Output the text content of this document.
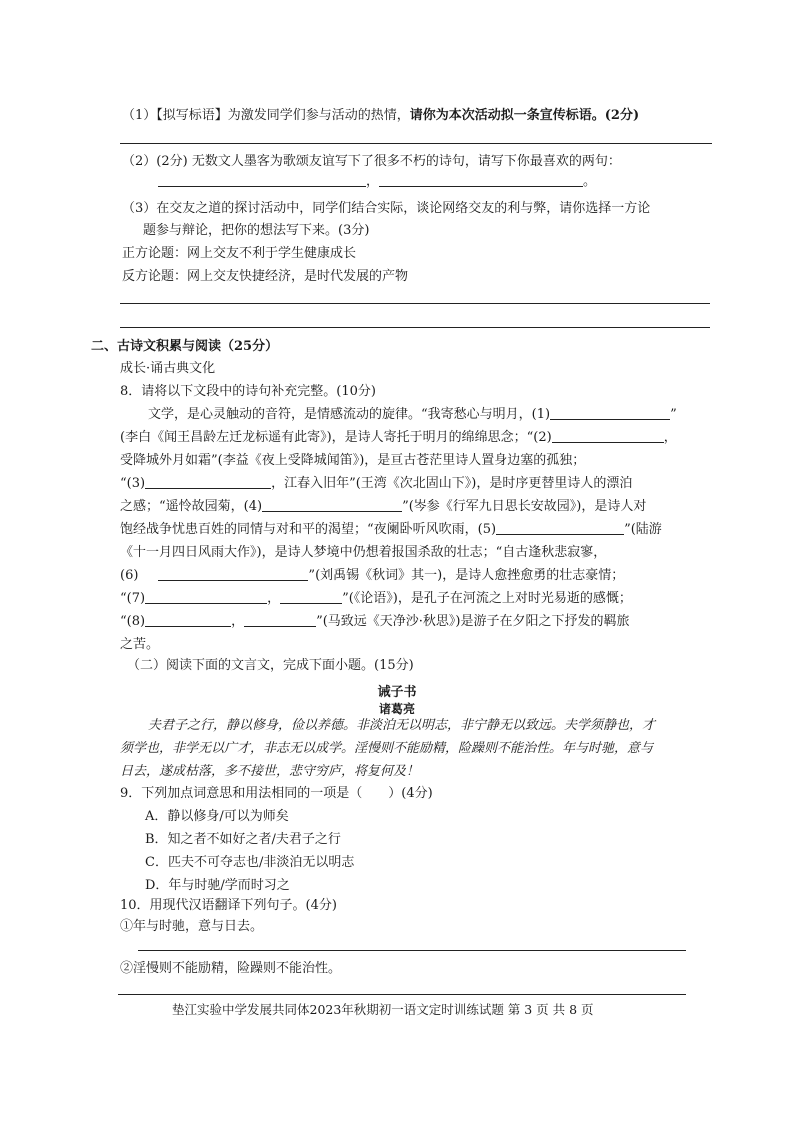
（1）【拟写标语】为激发同学们参与活动的热情，请你为本次活动拟一条宣传标语。(2分)
（2）(2分) 无数文人墨客为歌颂友谊写下了很多不朽的诗句，请写下你最喜欢的两句：
，	。
（3）在交友之道的探讨活动中，同学们结合实际，谈论网络交友的利与弊，请你选择一方论
题参与辩论，把你的想法写下来。(3分)
正方论题：网上交友不利于学生健康成长
反方论题：网上交友快捷经济，是时代发展的产物
二、古诗文积累与阅读（25分）
成长·诵古典文化
8．请将以下文段中的诗句补充完整。(10分)
文学，是心灵触动的音符，是情感流动的旋律。“我寄愁心与明月，(1)	”
(李白《闻王昌龄左迁龙标遥有此寄》)，是诗人寄托于明月的绵绵思念；“(2)	，
受降城外月如霜”(李益《夜上受降城闻笛》)，是亘古苍茫里诗人置身边塞的孤独；
“(3)	，江春入旧年”(王湾《次北固山下》)，是时序更替里诗人的漂泊
之感；“遥怜故园菊，(4)	”(岑参《行军九日思长安故园》)，是诗人对
饱经战争忧患百姓的同情与对和平的渴望；“夜阑卧听风吹雨，(5)	”(陆游
《十一月四日风雨大作》)，是诗人梦境中仍想着报国杀敌的壮志；“自古逢秋悲寂寥，
(6)	”(刘禹锡《秋词》其一)，是诗人愈挫愈勇的壮志豪情；
“(7)	，	”(《论语》)，是孔子在河流之上对时光易逝的感慨；
“(8)	，	”(马致远《天净沙·秋思》)是游子在夕阳之下抒发的羁旅
之苦。
（二）阅读下面的文言文，完成下面小题。(15分)
诫子书
诸葛亮
夫君子之行，静以修身，俭以养德。非淡泊无以明志，非宁静无以致远。夫学须静也，才
须学也，非学无以广才，非志无以成学。淫慢则不能励精，险躁则不能治性。年与时驰，意与
日去，遂成枯落，多不接世，悲守穷庐，将复何及！
9．下列加点词意思和用法相同的一项是（　　）(4分)
A．静以修身/可以为师矣
B．知之者不如好之者/夫君子之行
C．匹夫不可夺志也/非淡泊无以明志
D．年与时驰/学而时习之
10．用现代汉语翻译下列句子。(4分)
①年与时驰，意与日去。
②淫慢则不能励精，险躁则不能治性。
垫江实验中学发展共同体2023年秋期初一语文定时训练试题 第 3 页 共 8 页
